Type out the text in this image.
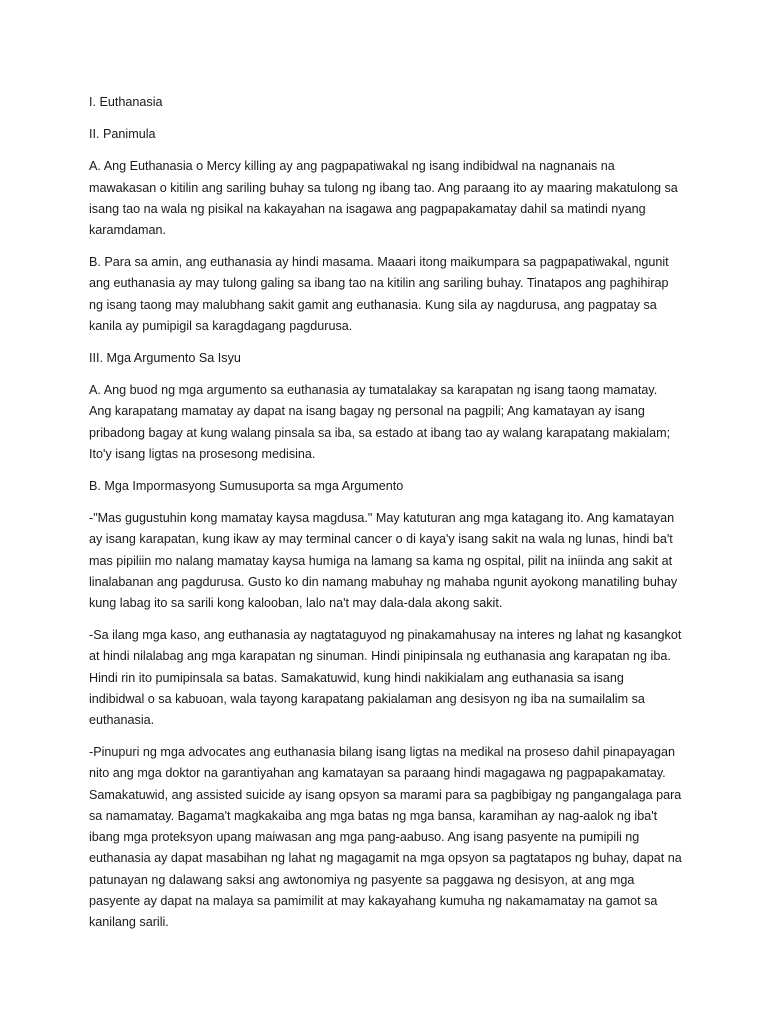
I. Euthanasia

II. Panimula

A. Ang Euthanasia o Mercy killing ay ang pagpapatiwakal ng isang indibidwal na nagnanais na mawakasan o kitilin ang sariling buhay sa tulong ng ibang tao. Ang paraang ito ay maaring makatulong sa isang tao na wala ng pisikal na kakayahan na isagawa ang pagpapakamatay dahil sa matindi nyang karamdaman.

B. Para sa amin, ang euthanasia ay hindi masama. Maaari itong maikumpara sa pagpapatiwakal, ngunit ang euthanasia ay may tulong galing sa ibang tao na kitilin ang sariling buhay. Tinatapos ang paghihirap ng isang taong may malubhang sakit gamit ang euthanasia. Kung sila ay nagdurusa, ang pagpatay sa kanila ay pumipigil sa karagdagang pagdurusa.

III. Mga Argumento Sa Isyu

A. Ang buod ng mga argumento sa euthanasia ay tumatalakay sa karapatan ng isang taong mamatay. Ang karapatang mamatay ay dapat na isang bagay ng personal na pagpili; Ang kamatayan ay isang pribadong bagay at kung walang pinsala sa iba, sa estado at ibang tao ay walang karapatang makialam; Ito'y isang ligtas na prosesong medisina.

B. Mga Impormasyong Sumusuporta sa mga Argumento

-"Mas gugustuhin kong mamatay kaysa magdusa." May katuturan ang mga katagang ito. Ang kamatayan ay isang karapatan, kung ikaw ay may terminal cancer o di kaya'y isang sakit na wala ng lunas, hindi ba't mas pipiliin mo nalang mamatay kaysa humiga na lamang sa kama ng ospital, pilit na iniinda ang sakit at linalabanan ang pagdurusa. Gusto ko din namang mabuhay ng mahaba ngunit ayokong manatiling buhay kung labag ito sa sarili kong kalooban, lalo na't may dala-dala akong sakit.

-Sa ilang mga kaso, ang euthanasia ay nagtataguyod ng pinakamahusay na interes ng lahat ng kasangkot at hindi nilalabag ang mga karapatan ng sinuman. Hindi pinipinsala ng euthanasia ang karapatan ng iba. Hindi rin ito pumipinsala sa batas. Samakatuwid, kung hindi nakikialam ang euthanasia sa isang indibidwal o sa kabuoan, wala tayong karapatang pakialaman ang desisyon ng iba na sumailalim sa euthanasia.

-Pinupuri ng mga advocates ang euthanasia bilang isang ligtas na medikal na proseso dahil pinapayagan nito ang mga doktor na garantiyahan ang kamatayan sa paraang hindi magagawa ng pagpapakamatay. Samakatuwid, ang assisted suicide ay isang opsyon sa marami para sa pagbibigay ng pangangalaga para sa namamatay. Bagama't magkakaiba ang mga batas ng mga bansa, karamihan ay nag-aalok ng iba't ibang mga proteksyon upang maiwasan ang mga pang-aabuso. Ang isang pasyente na pumipili ng euthanasia ay dapat masabihan ng lahat ng magagamit na mga opsyon sa pagtatapos ng buhay, dapat na patunayan ng dalawang saksi ang awtonomiya ng pasyente sa paggawa ng desisyon, at ang mga pasyente ay dapat na malaya sa pamimilit at may kakayahang kumuha ng nakamamatay na gamot sa kanilang sarili.
